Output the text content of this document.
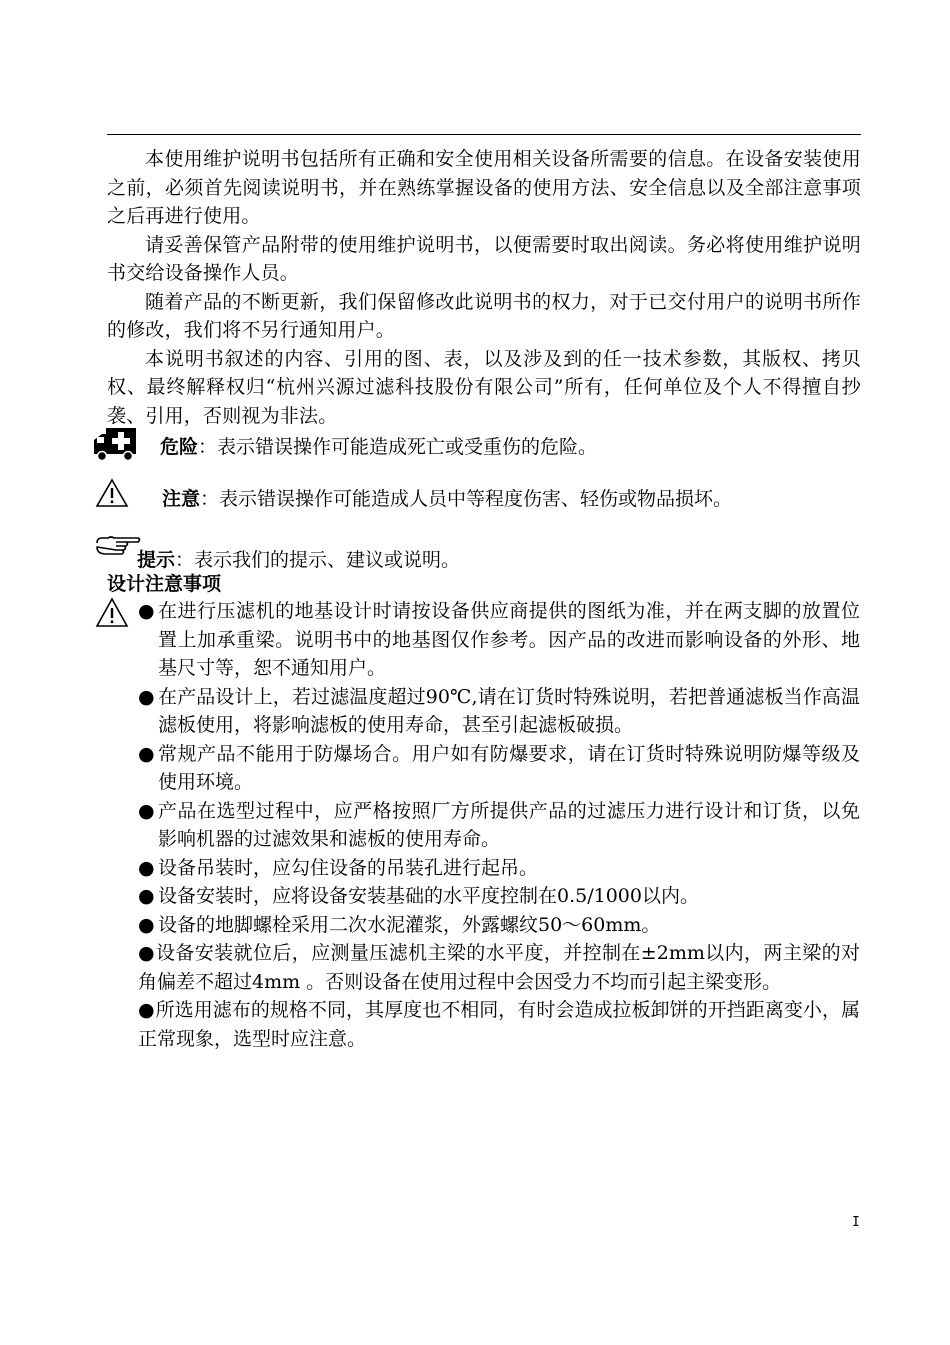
本使用维护说明书包括所有正确和安全使用相关设备所需要的信息。在设备安装使用之前，必须首先阅读说明书，并在熟练掌握设备的使用方法、安全信息以及全部注意事项之后再进行使用。

请妥善保管产品附带的使用维护说明书，以便需要时取出阅读。务必将使用维护说明书交给设备操作人员。

随着产品的不断更新，我们保留修改此说明书的权力，对于已交付用户的说明书所作的修改，我们将不另行通知用户。

本说明书叙述的内容、引用的图、表，以及涉及到的任一技术参数，其版权、拷贝权、最终解释权归“杭州兴源过滤科技股份有限公司”所有，任何单位及个人不得擅自抄袭、引用，否则视为非法。

危险：表示错误操作可能造成死亡或受重伤的危险。
注意：表示错误操作可能造成人员中等程度伤害、轻伤或物品损坏。
提示：表示我们的提示、建议或说明。
设计注意事项

● 在进行压滤机的地基设计时请按设备供应商提供的图纸为准，并在两支脚的放置位置上加承重梁。说明书中的地基图仅作参考。因产品的改进而影响设备的外形、地基尺寸等，恕不通知用户。

● 在产品设计上，若过滤温度超过90℃,请在订货时特殊说明，若把普通滤板当作高温滤板使用，将影响滤板的使用寿命，甚至引起滤板破损。

● 常规产品不能用于防爆场合。用户如有防爆要求，请在订货时特殊说明防爆等级及使用环境。

● 产品在选型过程中，应严格按照厂方所提供产品的过滤压力进行设计和订货，以免影响机器的过滤效果和滤板的使用寿命。

● 设备吊装时，应勾住设备的吊装孔进行起吊。

● 设备安装时，应将设备安装基础的水平度控制在0.5/1000以内。

● 设备的地脚螺栓采用二次水泥灌浆，外露螺纹50～60mm。

●设备安装就位后，应测量压滤机主梁的水平度，并控制在±2mm以内，两主梁的对角偏差不超过4mm 。否则设备在使用过程中会因受力不均而引起主梁变形。

●所选用滤布的规格不同，其厚度也不相同，有时会造成拉板卸饼的开挡距离变小，属正常现象，选型时应注意。

I
